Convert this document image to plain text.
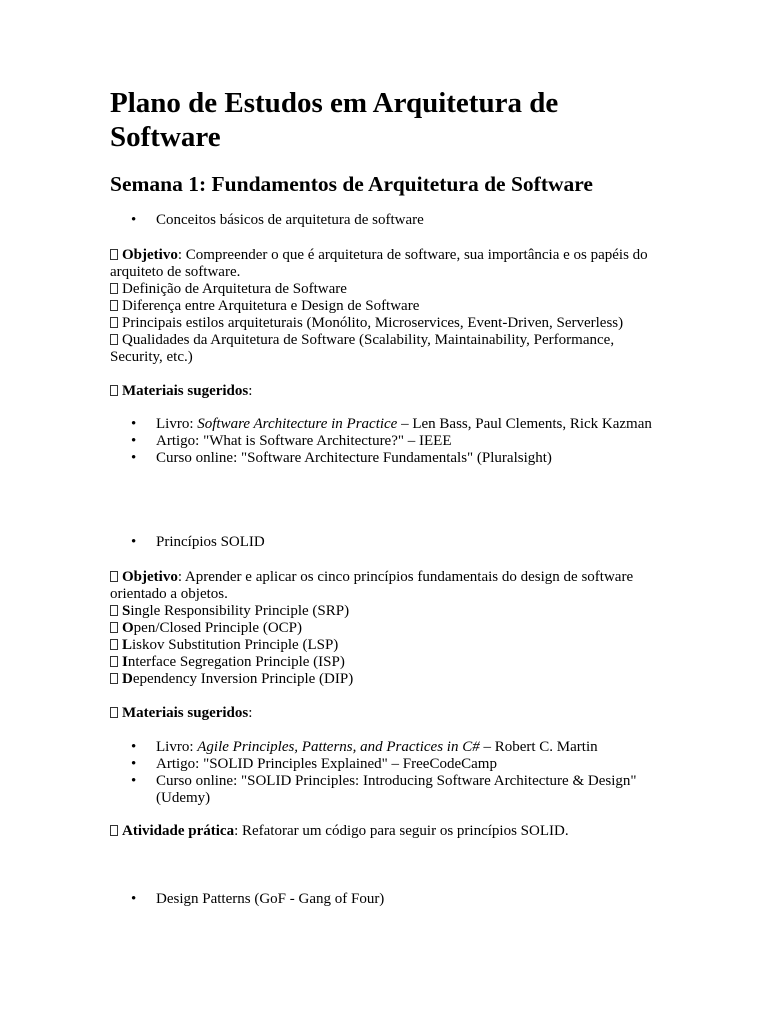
Plano de Estudos em Arquitetura de Software
Semana 1: Fundamentos de Arquitetura de Software
• Conceitos básicos de arquitetura de software
Objetivo: Compreender o que é arquitetura de software, sua importância e os papéis do arquiteto de software.
Definição de Arquitetura de Software
Diferença entre Arquitetura e Design de Software
Principais estilos arquiteturais (Monólito, Microservices, Event-Driven, Serverless)
Qualidades da Arquitetura de Software (Scalability, Maintainability, Performance, Security, etc.)
Materiais sugeridos:
• Livro: Software Architecture in Practice – Len Bass, Paul Clements, Rick Kazman
• Artigo: "What is Software Architecture?" – IEEE
• Curso online: "Software Architecture Fundamentals" (Pluralsight)
• Princípios SOLID
Objetivo: Aprender e aplicar os cinco princípios fundamentais do design de software orientado a objetos.
Single Responsibility Principle (SRP)
Open/Closed Principle (OCP)
Liskov Substitution Principle (LSP)
Interface Segregation Principle (ISP)
Dependency Inversion Principle (DIP)
Materiais sugeridos:
• Livro: Agile Principles, Patterns, and Practices in C# – Robert C. Martin
• Artigo: "SOLID Principles Explained" – FreeCodeCamp
• Curso online: "SOLID Principles: Introducing Software Architecture & Design" (Udemy)
Atividade prática: Refatorar um código para seguir os princípios SOLID.
• Design Patterns (GoF - Gang of Four)
